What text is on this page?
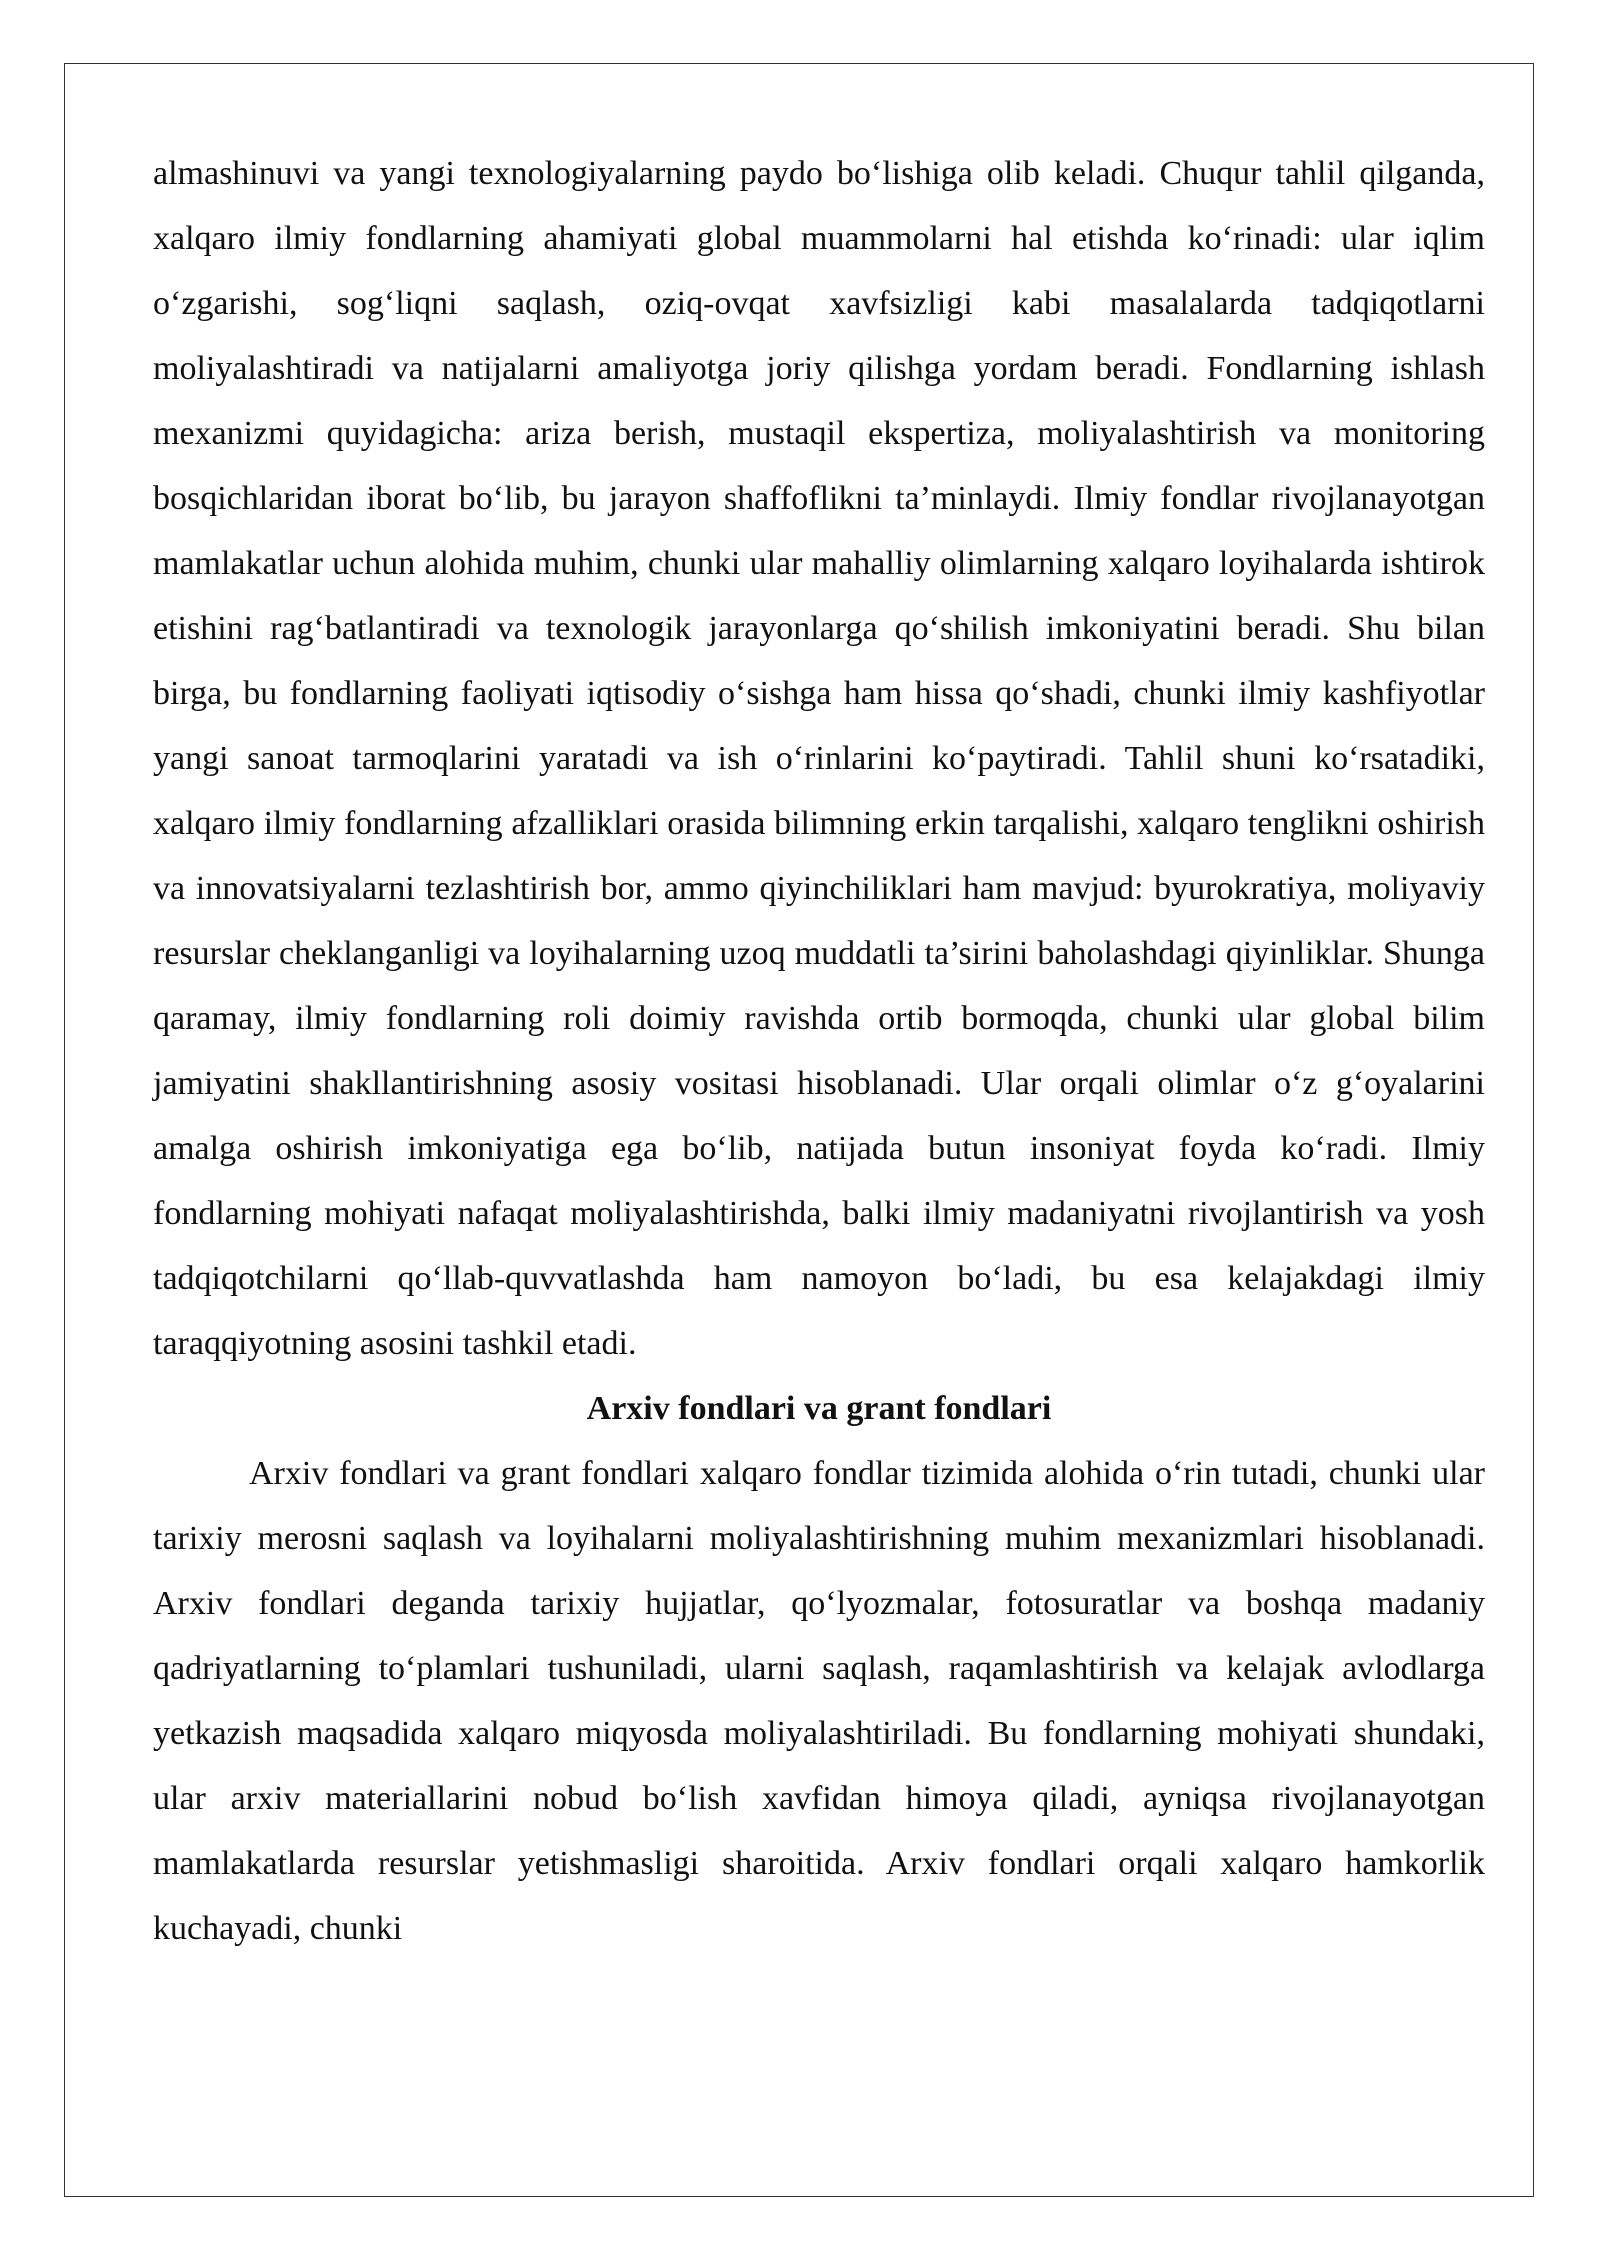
almashinuvi va yangi texnologiyalarning paydo boʻlishiga olib keladi. Chuqur tahlil qilganda, xalqaro ilmiy fondlarning ahamiyati global muammolarni hal etishda koʻrinadi: ular iqlim oʻzgarishi, sogʻliqni saqlash, oziq-ovqat xavfsizligi kabi masalalarda tadqiqotlarni moliyalashtiradi va natijalarni amaliyotga joriy qilishga yordam beradi. Fondlarning ishlash mexanizmi quyidagicha: ariza berish, mustaqil ekspertiza, moliyalashtirish va monitoring bosqichlaridan iborat boʻlib, bu jarayon shaffoflikni ta’minlaydi. Ilmiy fondlar rivojlanayotgan mamlakatlar uchun alohida muhim, chunki ular mahalliy olimlarning xalqaro loyihalarda ishtirok etishini ragʻbatlantiradi va texnologik jarayonlarga qoʻshilish imkoniyatini beradi. Shu bilan birga, bu fondlarning faoliyati iqtisodiy oʻsishga ham hissa qoʻshadi, chunki ilmiy kashfiyotlar yangi sanoat tarmoqlarini yaratadi va ish oʻrinlarini koʻpaytiradi. Tahlil shuni koʻrsatadiki, xalqaro ilmiy fondlarning afzalliklari orasida bilimning erkin tarqalishi, xalqaro tenglikni oshirish va innovatsiyalarni tezlashtirish bor, ammo qiyinchiliklari ham mavjud: byurokratiya, moliyaviy resurslar cheklanganligi va loyihalarning uzoq muddatli ta’sirini baholashdagi qiyinliklar. Shunga qaramay, ilmiy fondlarning roli doimiy ravishda ortib bormoqda, chunki ular global bilim jamiyatini shakllantirishning asosiy vositasi hisoblanadi. Ular orqali olimlar oʻz gʻoyalarini amalga oshirish imkoniyatiga ega boʻlib, natijada butun insoniyat foyda koʻradi. Ilmiy fondlarning mohiyati nafaqat moliyalashtirishda, balki ilmiy madaniyatni rivojlantirish va yosh tadqiqotchilarni qoʻllab-quvvatlashda ham namoyon boʻladi, bu esa kelajakdagi ilmiy taraqqiyotning asosini tashkil etadi.

Arxiv fondlari va grant fondlari

Arxiv fondlari va grant fondlari xalqaro fondlar tizimida alohida oʻrin tutadi, chunki ular tarixiy merosni saqlash va loyihalarni moliyalashtirishning muhim mexanizmlari hisoblanadi. Arxiv fondlari deganda tarixiy hujjatlar, qoʻlyozmalar, fotosuratlar va boshqa madaniy qadriyatlarning toʻplamlari tushuniladi, ularni saqlash, raqamlashtirish va kelajak avlodlarga yetkazish maqsadida xalqaro miqyosda moliyalashtiriladi. Bu fondlarning mohiyati shundaki, ular arxiv materiallarini nobud boʻlish xavfidan himoya qiladi, ayniqsa rivojlanayotgan mamlakatlarda resurslar yetishmasligi sharoitida. Arxiv fondlari orqali xalqaro hamkorlik kuchayadi, chunki
